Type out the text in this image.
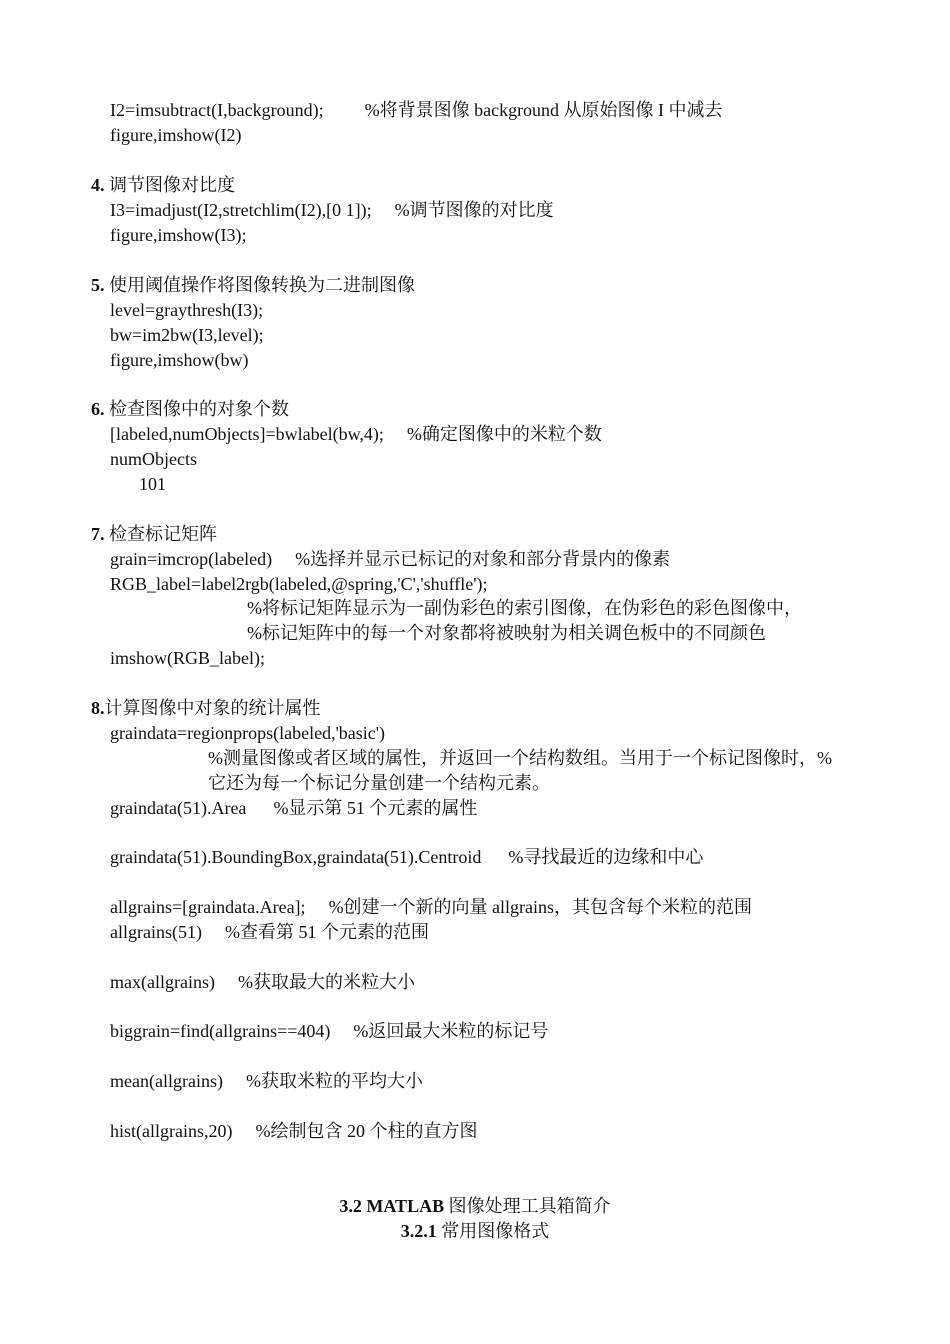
I2=imsubtract(I,background); %将背景图像 background 从原始图像 I 中减去
figure,imshow(I2)
4. 调节图像对比度
I3=imadjust(I2,stretchlim(I2),[0 1]); %调节图像的对比度
figure,imshow(I3);
5. 使用阈值操作将图像转换为二进制图像
level=graythresh(I3);
bw=im2bw(I3,level);
figure,imshow(bw)
6. 检查图像中的对象个数
[labeled,numObjects]=bwlabel(bw,4); %确定图像中的米粒个数
numObjects
101
7. 检查标记矩阵
grain=imcrop(labeled) %选择并显示已标记的对象和部分背景内的像素
RGB_label=label2rgb(labeled,@spring,'C','shuffle');
%将标记矩阵显示为一副伪彩色的索引图像，在伪彩色的彩色图像中，
%标记矩阵中的每一个对象都将被映射为相关调色板中的不同颜色
imshow(RGB_label);
8.计算图像中对象的统计属性
graindata=regionprops(labeled,'basic')
%测量图像或者区域的属性，并返回一个结构数组。当用于一个标记图像时，%
它还为每一个标记分量创建一个结构元素。
graindata(51).Area %显示第 51 个元素的属性
graindata(51).BoundingBox,graindata(51).Centroid %寻找最近的边缘和中心
allgrains=[graindata.Area]; %创建一个新的向量 allgrains，其包含每个米粒的范围
allgrains(51) %查看第 51 个元素的范围
max(allgrains) %获取最大的米粒大小
biggrain=find(allgrains==404) %返回最大米粒的标记号
mean(allgrains) %获取米粒的平均大小
hist(allgrains,20) %绘制包含 20 个柱的直方图
3.2 MATLAB 图像处理工具箱简介
3.2.1 常用图像格式
